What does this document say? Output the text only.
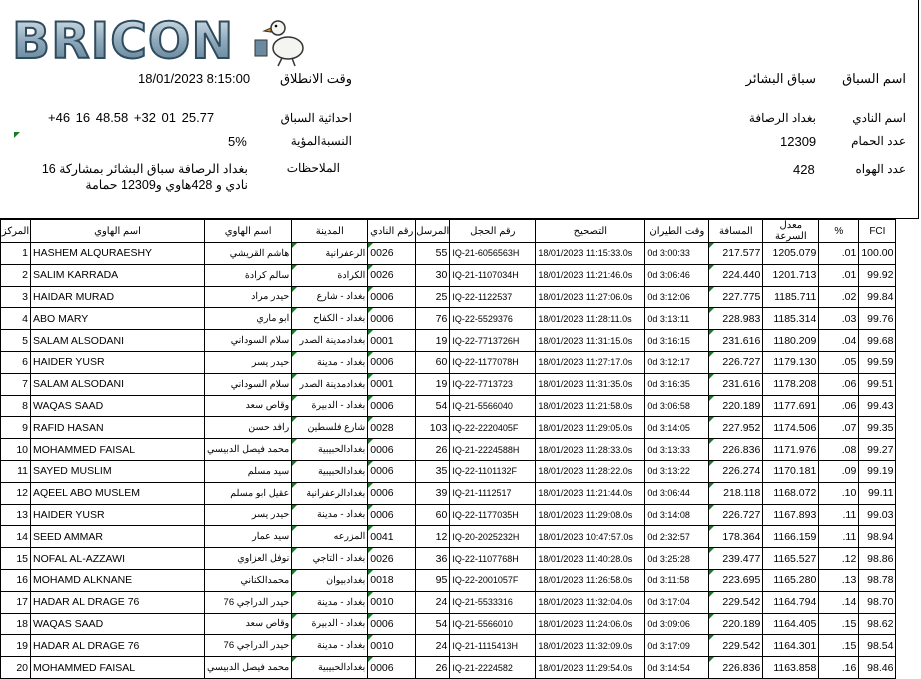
BRICON
اسم السباق
سباق البشائر
وقت الانطلاق
18/01/2023 8:15:00
اسم النادي
بغداد الرصافة
احداثية السباق
+46 16 48.58 +32 01 25.77
عدد الحمام
12309
النسبةالمؤية
5%
عدد الهواه
428
الملاحظات
بغداد الرصافة سباق البشائر بمشاركة 16 نادي و 428هاوي و12309 حمامة
المركز	اسم الهاوي	اسم الهاوي	المدينة	رقم النادي	المرسل	رقم الحجل	التصحيح	وقت الطيران	المسافة	معدل السرعة	%	FCI
1	HASHEM ALQURAESHY	هاشم القريشي	الرعفرانية	0026	55	IQ-21-6056563H	18/01/2023 11:15:33.0s	0d 3:00:33	217.577	1205.079	.01	100.00
2	SALIM KARRADA	سالم كرادة	الكرادة	0026	30	IQ-21-1107034H	18/01/2023 11:21:46.0s	0d 3:06:46	224.440	1201.713	.01	99.92
3	HAIDAR MURAD	حيدر مراد	بغداد - شارع	0006	25	IQ-22-1122537	18/01/2023 11:27:06.0s	0d 3:12:06	227.775	1185.711	.02	99.84
4	ABO MARY	ابو ماري	بغداد - الكفاح	0006	76	IQ-22-5529376	18/01/2023 11:28:11.0s	0d 3:13:11	228.983	1185.314	.03	99.76
5	SALAM ALSODANI	سلام السوداني	بغدادمدينة الصدر	0001	19	IQ-22-7713726H	18/01/2023 11:31:15.0s	0d 3:16:15	231.616	1180.209	.04	99.68
6	HAIDER YUSR	حيدر يسر	بغداد - مدينة	0006	60	IQ-22-1177078H	18/01/2023 11:27:17.0s	0d 3:12:17	226.727	1179.130	.05	99.59
7	SALAM ALSODANI	سلام السوداني	بغدادمدينة الصدر	0001	19	IQ-22-7713723	18/01/2023 11:31:35.0s	0d 3:16:35	231.616	1178.208	.06	99.51
8	WAQAS SAAD	وقاص سعد	بغداد - الدبيرة	0006	54	IQ-21-5566040	18/01/2023 11:21:58.0s	0d 3:06:58	220.189	1177.691	.06	99.43
9	RAFID HASAN	رافد حسن	شارع فلسطين	0028	103	IQ-22-2220405F	18/01/2023 11:29:05.0s	0d 3:14:05	227.952	1174.506	.07	99.35
10	MOHAMMED FAISAL	محمد فيصل الدبيسي	بغدادالحبيبية	0006	26	IQ-21-2224588H	18/01/2023 11:28:33.0s	0d 3:13:33	226.836	1171.976	.08	99.27
11	SAYED MUSLIM	سيد مسلم	بغدادالحبيبية	0006	35	IQ-22-1101132F	18/01/2023 11:28:22.0s	0d 3:13:22	226.274	1170.181	.09	99.19
12	AQEEL ABO MUSLEM	عقيل ابو مسلم	بغدادالرعفرانية	0006	39	IQ-21-1112517	18/01/2023 11:21:44.0s	0d 3:06:44	218.118	1168.072	.10	99.11
13	HAIDER YUSR	حيدر يسر	بغداد - مدينة	0006	60	IQ-22-1177035H	18/01/2023 11:29:08.0s	0d 3:14:08	226.727	1167.893	.11	99.03
14	SEED AMMAR	سيد عمار	المزرعه	0041	12	IQ-20-2025232H	18/01/2023 10:47:57.0s	0d 2:32:57	178.364	1166.159	.11	98.94
15	NOFAL AL-AZZAWI	نوفل العزاوي	بغداد - التاجي	0026	36	IQ-22-1107768H	18/01/2023 11:40:28.0s	0d 3:25:28	239.477	1165.527	.12	98.86
16	MOHAMD ALKNANE	محمدالكناني	بغدادبيوان	0018	95	IQ-22-2001057F	18/01/2023 11:26:58.0s	0d 3:11:58	223.695	1165.280	.13	98.78
17	HADAR AL DRAGE 76	حيدر الدراجي 76	بغداد - مدينة	0010	24	IQ-21-5533316	18/01/2023 11:32:04.0s	0d 3:17:04	229.542	1164.794	.14	98.70
18	WAQAS SAAD	وقاص سعد	بغداد - الدبيرة	0006	54	IQ-21-5566010	18/01/2023 11:24:06.0s	0d 3:09:06	220.189	1164.405	.15	98.62
19	HADAR AL DRAGE 76	حيدر الدراجي 76	بغداد - مدينة	0010	24	IQ-21-1115413H	18/01/2023 11:32:09.0s	0d 3:17:09	229.542	1164.301	.15	98.54
20	MOHAMMED FAISAL	محمد فيصل الدبيسي	بغدادالحبيبية	0006	26	IQ-21-2224582	18/01/2023 11:29:54.0s	0d 3:14:54	226.836	1163.858	.16	98.46
